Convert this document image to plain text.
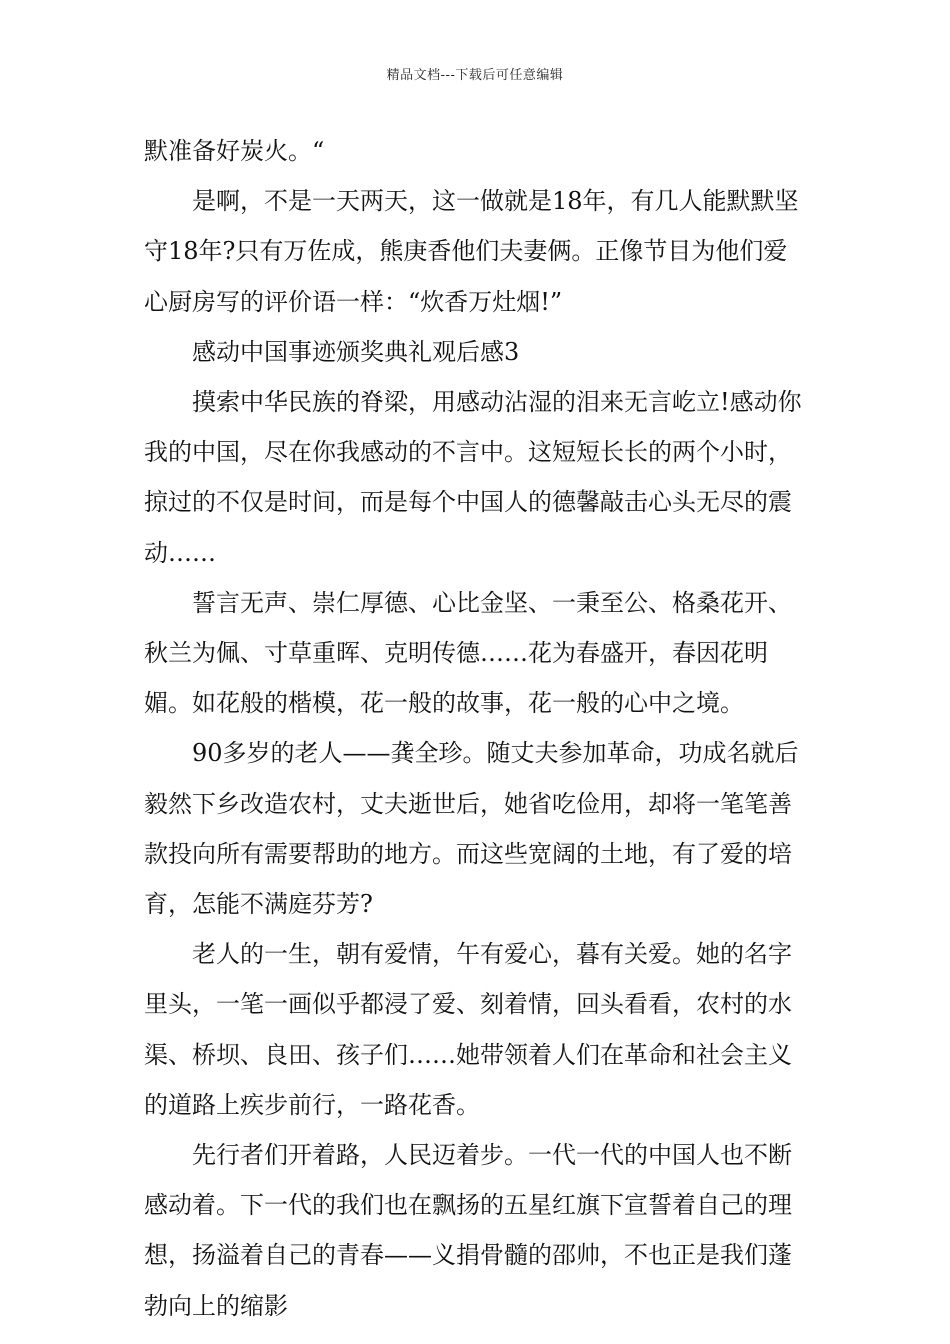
精品文档---下载后可任意编辑

默准备好炭火。“

是啊，不是一天两天，这一做就是18年，有几人能默默坚守18年?只有万佐成，熊庚香他们夫妻俩。正像节目为他们爱心厨房写的评价语一样：“炊香万灶烟!”

感动中国事迹颁奖典礼观后感3

摸索中华民族的脊梁，用感动沾湿的泪来无言屹立!感动你我的中国，尽在你我感动的不言中。这短短长长的两个小时，掠过的不仅是时间，而是每个中国人的德馨敲击心头无尽的震动……

誓言无声、崇仁厚德、心比金坚、一秉至公、格桑花开、秋兰为佩、寸草重晖、克明传德……花为春盛开，春因花明媚。如花般的楷模，花一般的故事，花一般的心中之境。

90多岁的老人——龚全珍。随丈夫参加革命，功成名就后毅然下乡改造农村，丈夫逝世后，她省吃俭用，却将一笔笔善款投向所有需要帮助的地方。而这些宽阔的土地，有了爱的培育，怎能不满庭芬芳?

老人的一生，朝有爱情，午有爱心，暮有关爱。她的名字里头，一笔一画似乎都浸了爱、刻着情，回头看看，农村的水渠、桥坝、良田、孩子们……她带领着人们在革命和社会主义的道路上疾步前行，一路花香。

先行者们开着路，人民迈着步。一代一代的中国人也不断感动着。下一代的我们也在飘扬的五星红旗下宣誓着自己的理想，扬溢着自己的青春——义捐骨髓的邵帅，不也正是我们蓬勃向上的缩影
